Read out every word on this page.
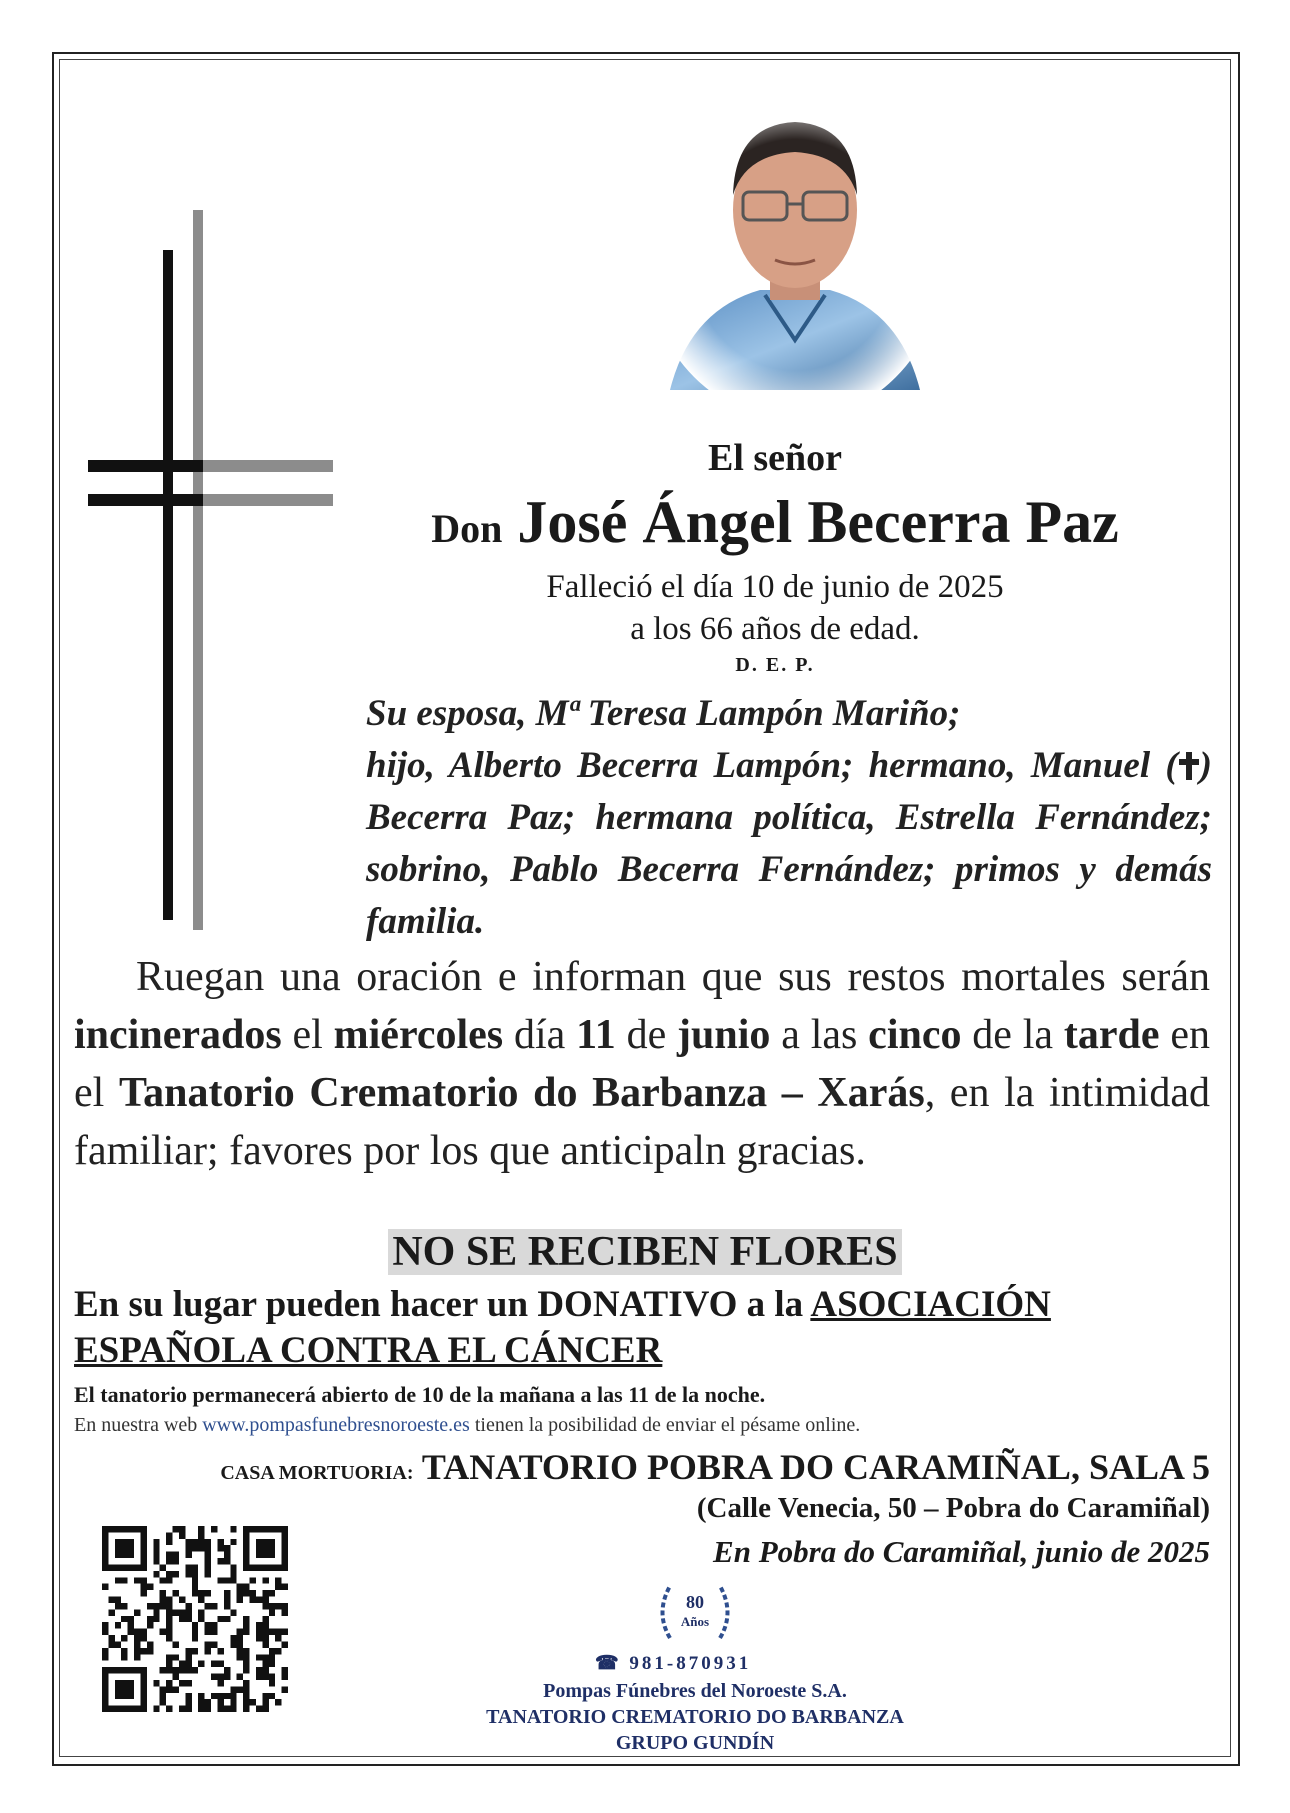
El señor
Don José Ángel Becerra Paz
Falleció el día 10 de junio de 2025
a los 66 años de edad.
D. E. P.
Su esposa, Mª Teresa Lampón Mariño;
hijo, Alberto Becerra Lampón; hermano, Manuel ( ) Becerra Paz; hermana política, Estrella Fernández; sobrino, Pablo Becerra Fernández; primos y demás familia.
Ruegan una oración e informan que sus restos mortales serán incinerados el miércoles día 11 de junio a las cinco de la tarde en el Tanatorio Crematorio do Barbanza – Xarás, en la intimidad familiar; favores por los que anticipaln gracias.
NO SE RECIBEN FLORES
En su lugar pueden hacer un DONATIVO a la ASOCIACIÓN ESPAÑOLA CONTRA EL CÁNCER
El tanatorio permanecerá abierto de 10 de la mañana a las 11 de la noche.
En nuestra web www.pompasfunebresnoroeste.es tienen la posibilidad de enviar el pésame online.
CASA MORTUORIA: TANATORIO POBRA DO CARAMIÑAL, SALA 5
(Calle Venecia, 50 – Pobra do Caramiñal)
En Pobra do Caramiñal, junio de 2025
80
Años
☎ 981-870931
Pompas Fúnebres del Noroeste S.A.
TANATORIO CREMATORIO DO BARBANZA
GRUPO GUNDÍN
